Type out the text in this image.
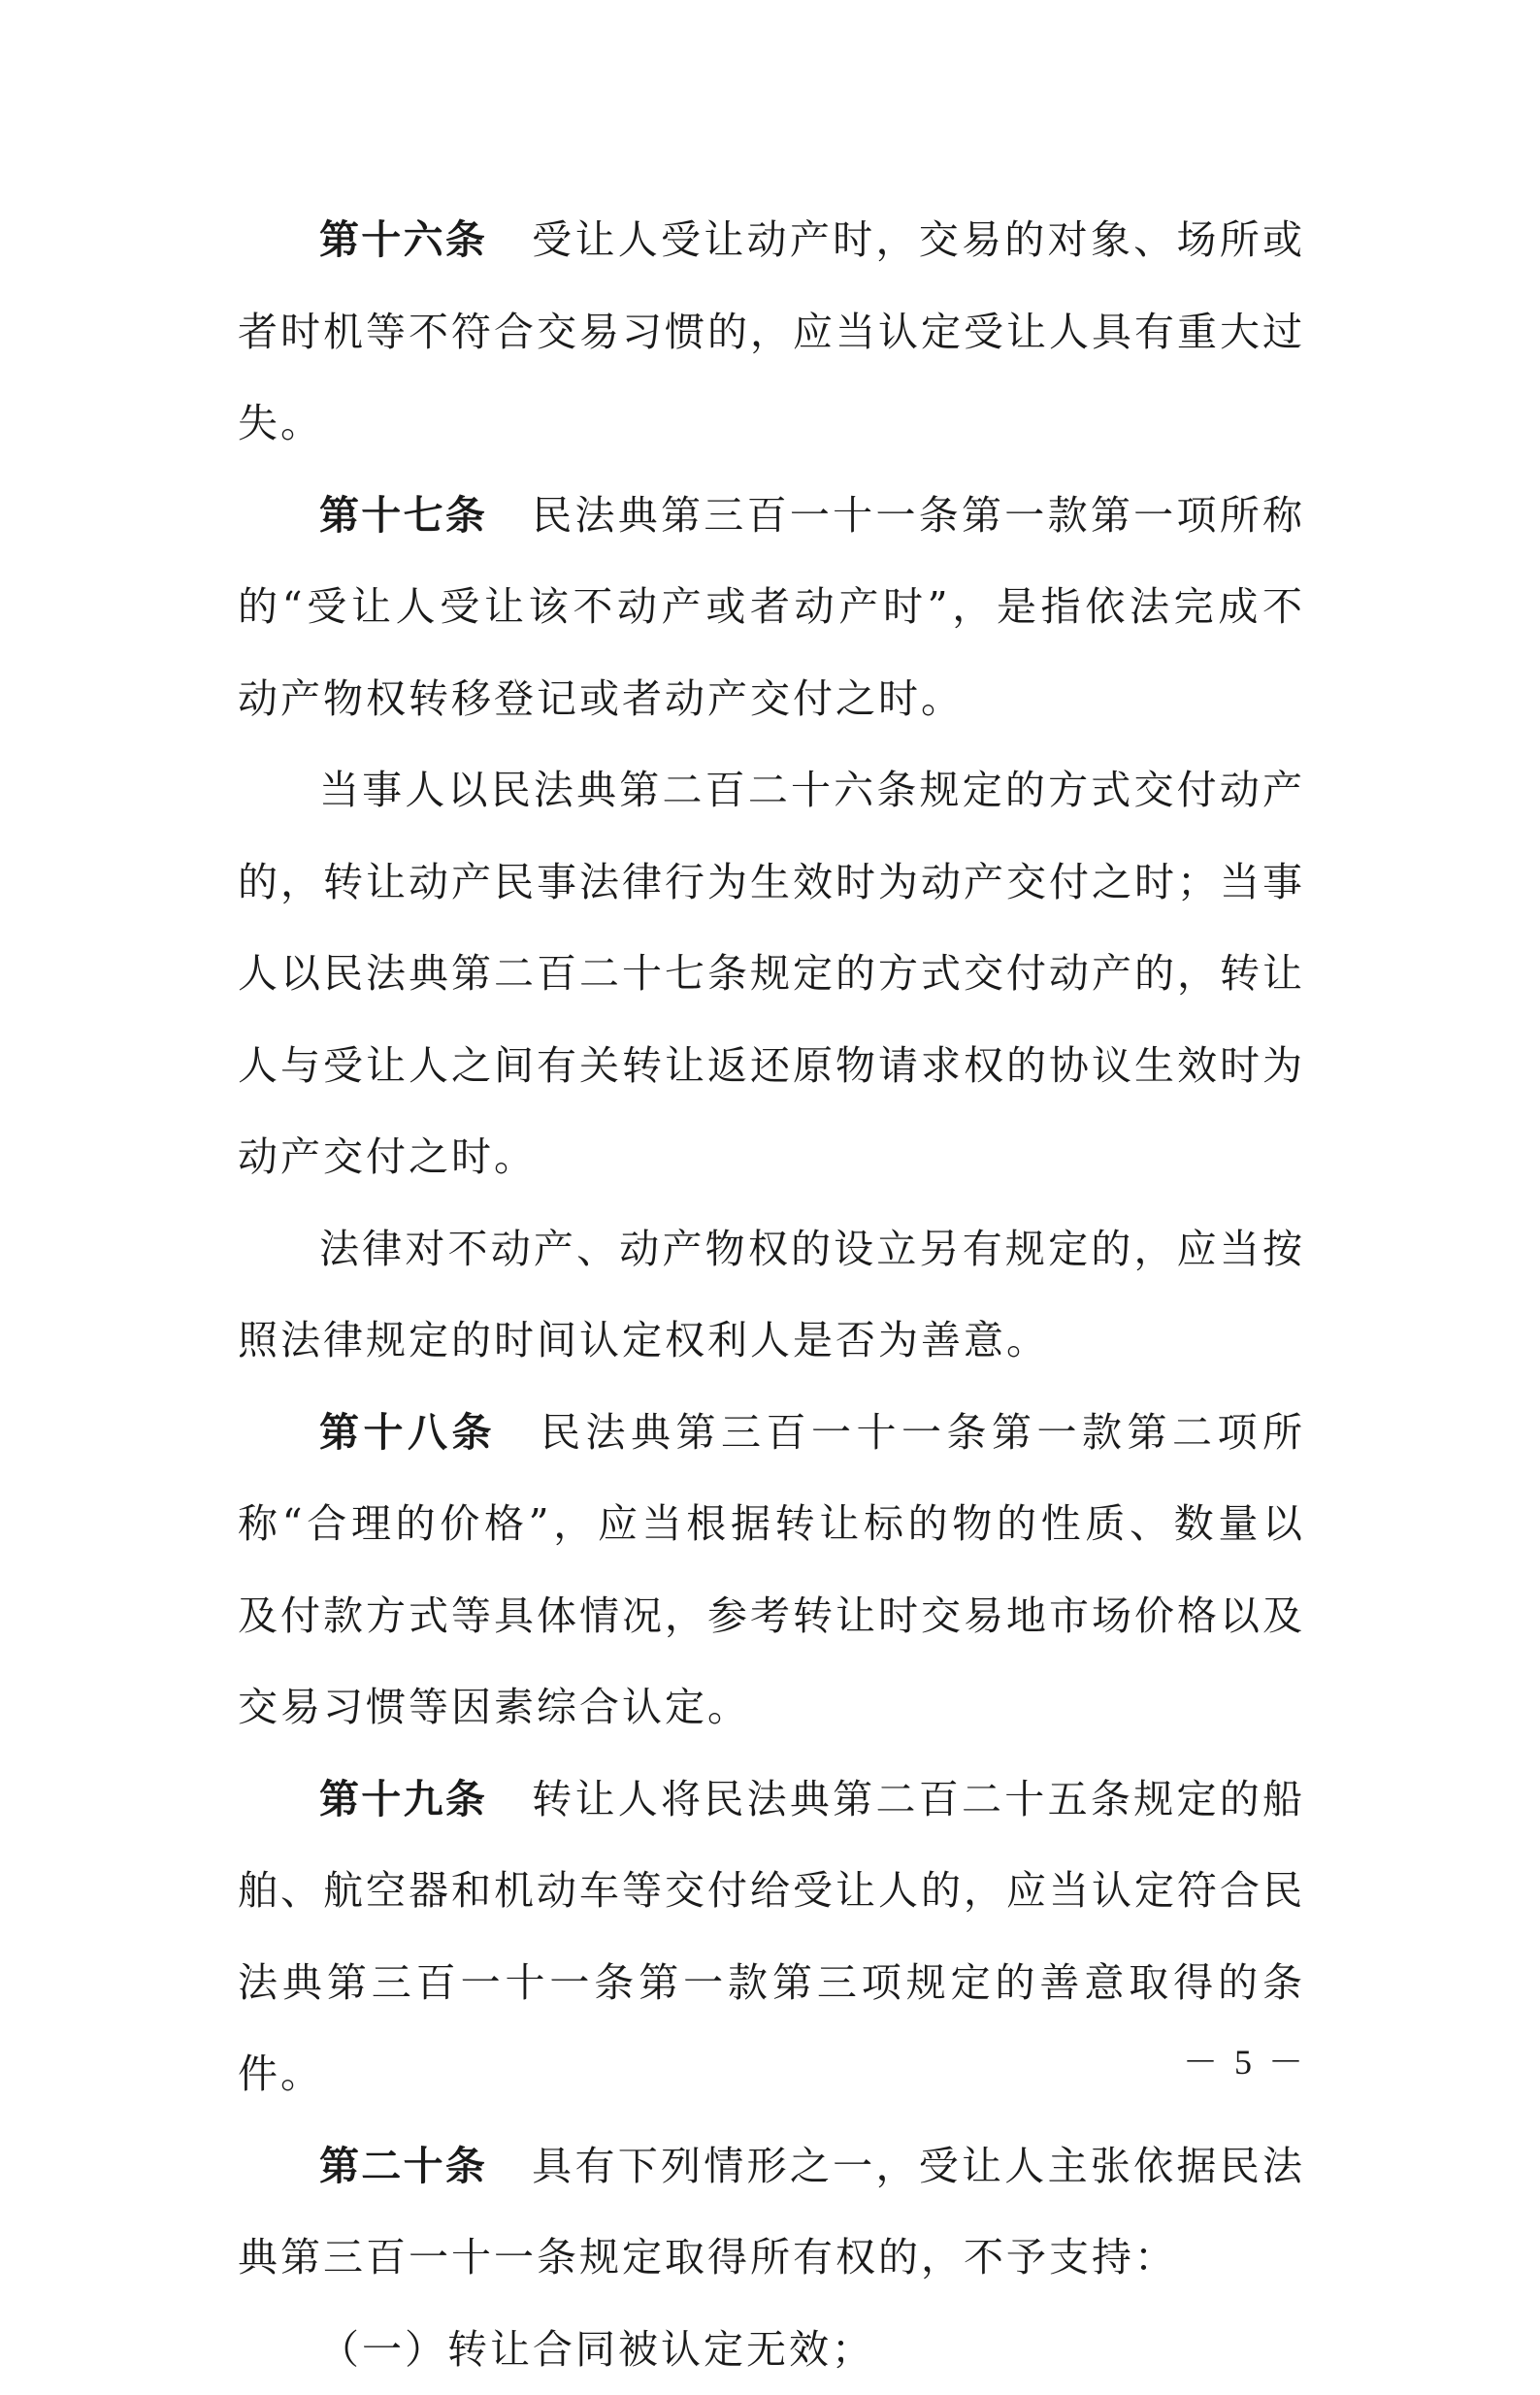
第十六条 受让人受让动产时，交易的对象、场所或者时机等不符合交易习惯的，应当认定受让人具有重大过失。

第十七条 民法典第三百一十一条第一款第一项所称的“受让人受让该不动产或者动产时”，是指依法完成不动产物权转移登记或者动产交付之时。

当事人以民法典第二百二十六条规定的方式交付动产的，转让动产民事法律行为生效时为动产交付之时；当事人以民法典第二百二十七条规定的方式交付动产的，转让人与受让人之间有关转让返还原物请求权的协议生效时为动产交付之时。

法律对不动产、动产物权的设立另有规定的，应当按照法律规定的时间认定权利人是否为善意。

第十八条 民法典第三百一十一条第一款第二项所称“合理的价格”，应当根据转让标的物的性质、数量以及付款方式等具体情况，参考转让时交易地市场价格以及交易习惯等因素综合认定。

第十九条 转让人将民法典第二百二十五条规定的船舶、航空器和机动车等交付给受让人的，应当认定符合民法典第三百一十一条第一款第三项规定的善意取得的条件。

第二十条 具有下列情形之一，受让人主张依据民法典第三百一十一条规定取得所有权的，不予支持：

（一）转让合同被认定无效；

－ 5 －
